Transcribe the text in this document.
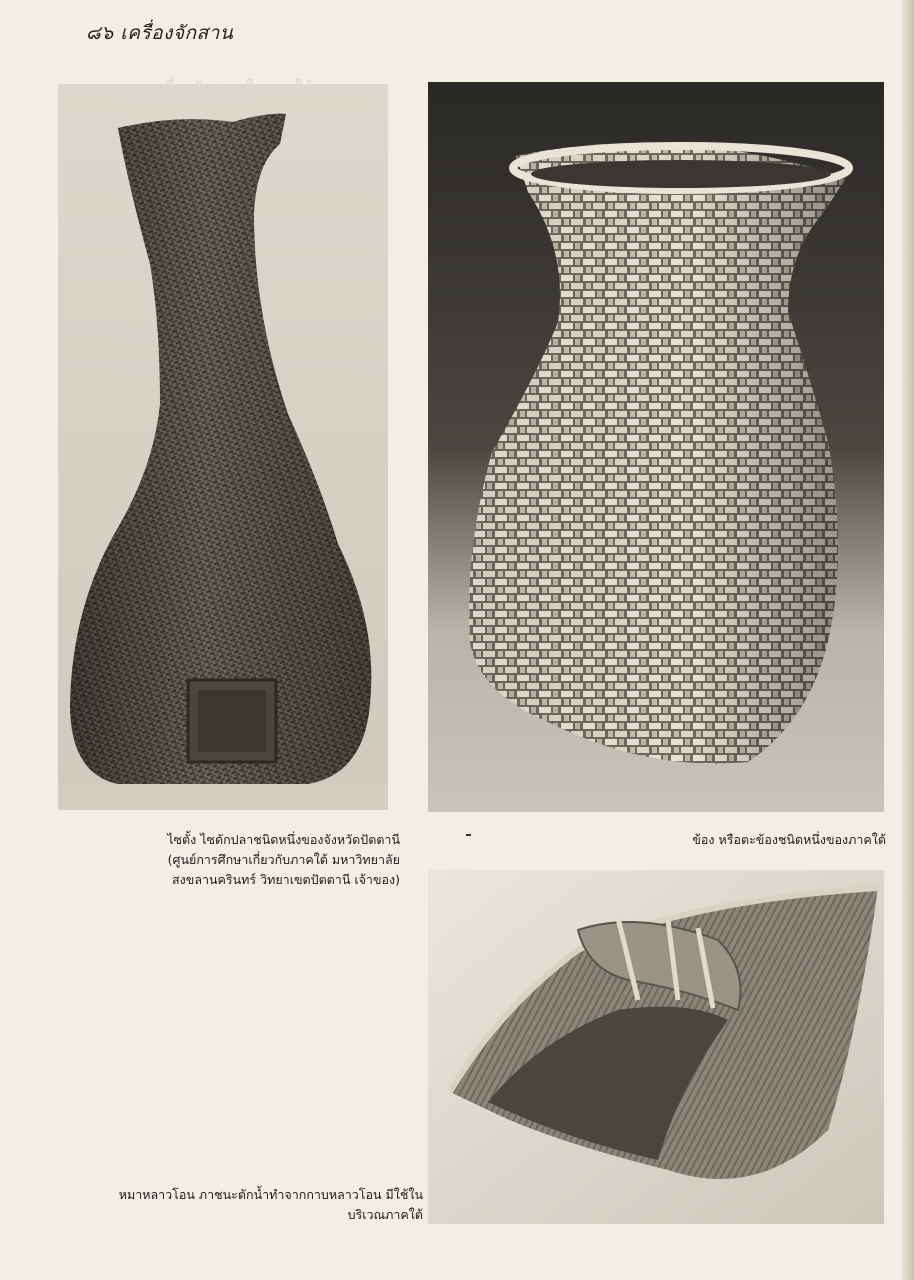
๘๖ เครื่องจักสาน
ไซตั้ง ไซดักปลาชนิดหนึ่งของจังหวัดปัตตานี
(ศูนย์การศึกษาเกี่ยวกับภาคใต้ มหาวิทยาลัย
สงขลานครินทร์ วิทยาเขตปัตตานี เจ้าของ)
ข้อง หรือตะข้องชนิดหนึ่งของภาคใต้
หมาหลาวโอน ภาชนะตักน้ำทำจากกาบหลาวโอน มีใช้ใน
บริเวณภาคใต้
